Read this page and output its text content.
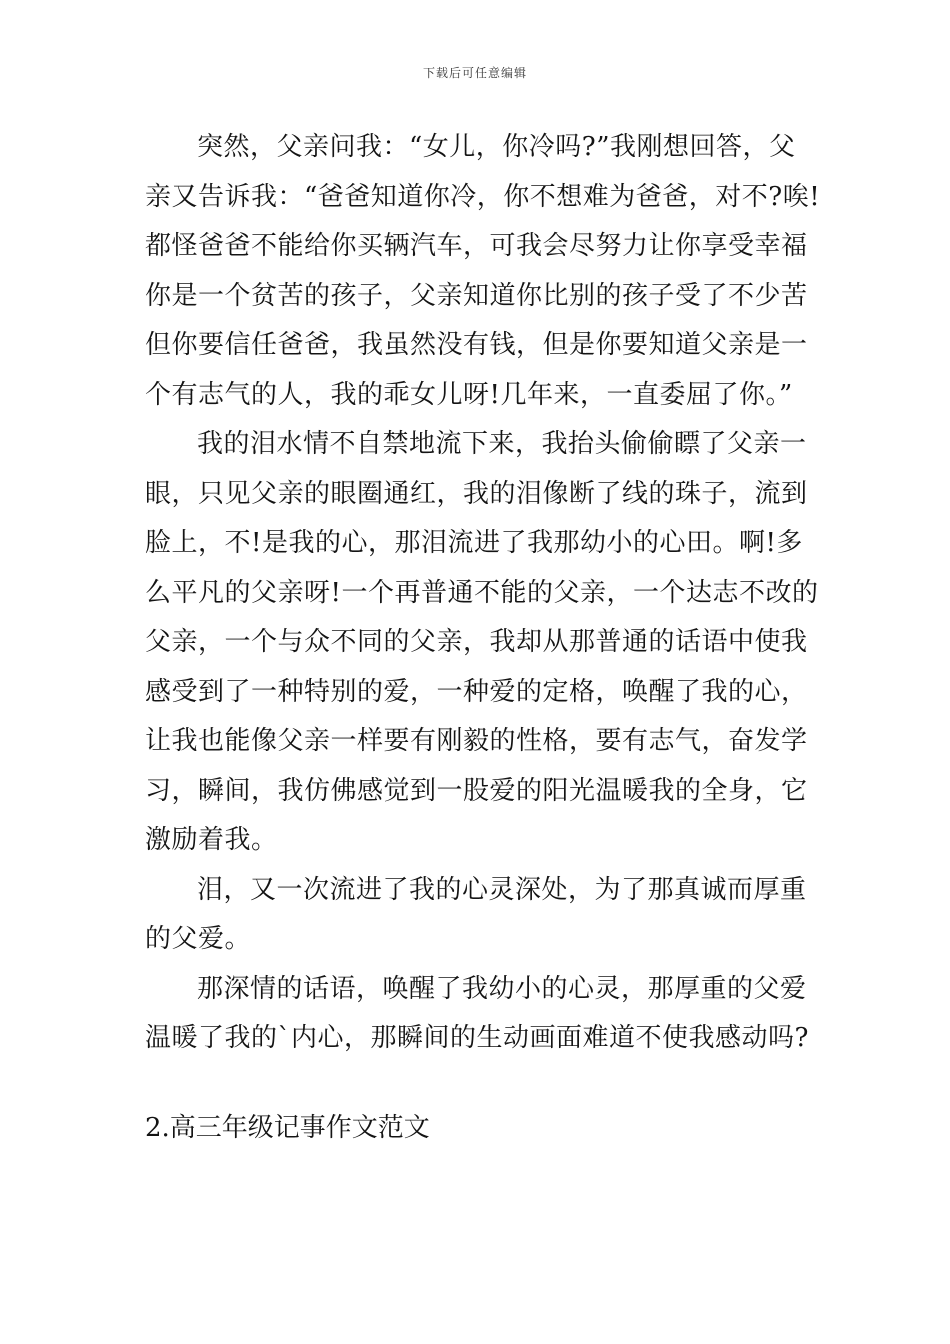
下载后可任意编辑
突然，父亲问我：“女儿，你冷吗?”我刚想回答，父
亲又告诉我：“爸爸知道你冷，你不想难为爸爸，对不?唉!
都怪爸爸不能给你买辆汽车，可我会尽努力让你享受幸福
你是一个贫苦的孩子，父亲知道你比别的孩子受了不少苦
但你要信任爸爸，我虽然没有钱，但是你要知道父亲是一
个有志气的人，我的乖女儿呀!几年来，一直委屈了你。”
我的泪水情不自禁地流下来，我抬头偷偷瞟了父亲一
眼，只见父亲的眼圈通红，我的泪像断了线的珠子，流到
脸上，不!是我的心，那泪流进了我那幼小的心田。啊!多
么平凡的父亲呀!一个再普通不能的父亲，一个达志不改的
父亲，一个与众不同的父亲，我却从那普通的话语中使我
感受到了一种特别的爱，一种爱的定格，唤醒了我的心，
让我也能像父亲一样要有刚毅的性格，要有志气，奋发学
习，瞬间，我仿佛感觉到一股爱的阳光温暖我的全身，它
激励着我。
泪，又一次流进了我的心灵深处，为了那真诚而厚重
的父爱。
那深情的话语，唤醒了我幼小的心灵，那厚重的父爱
温暖了我的`内心，那瞬间的生动画面难道不使我感动吗?
2.高三年级记事作文范文
